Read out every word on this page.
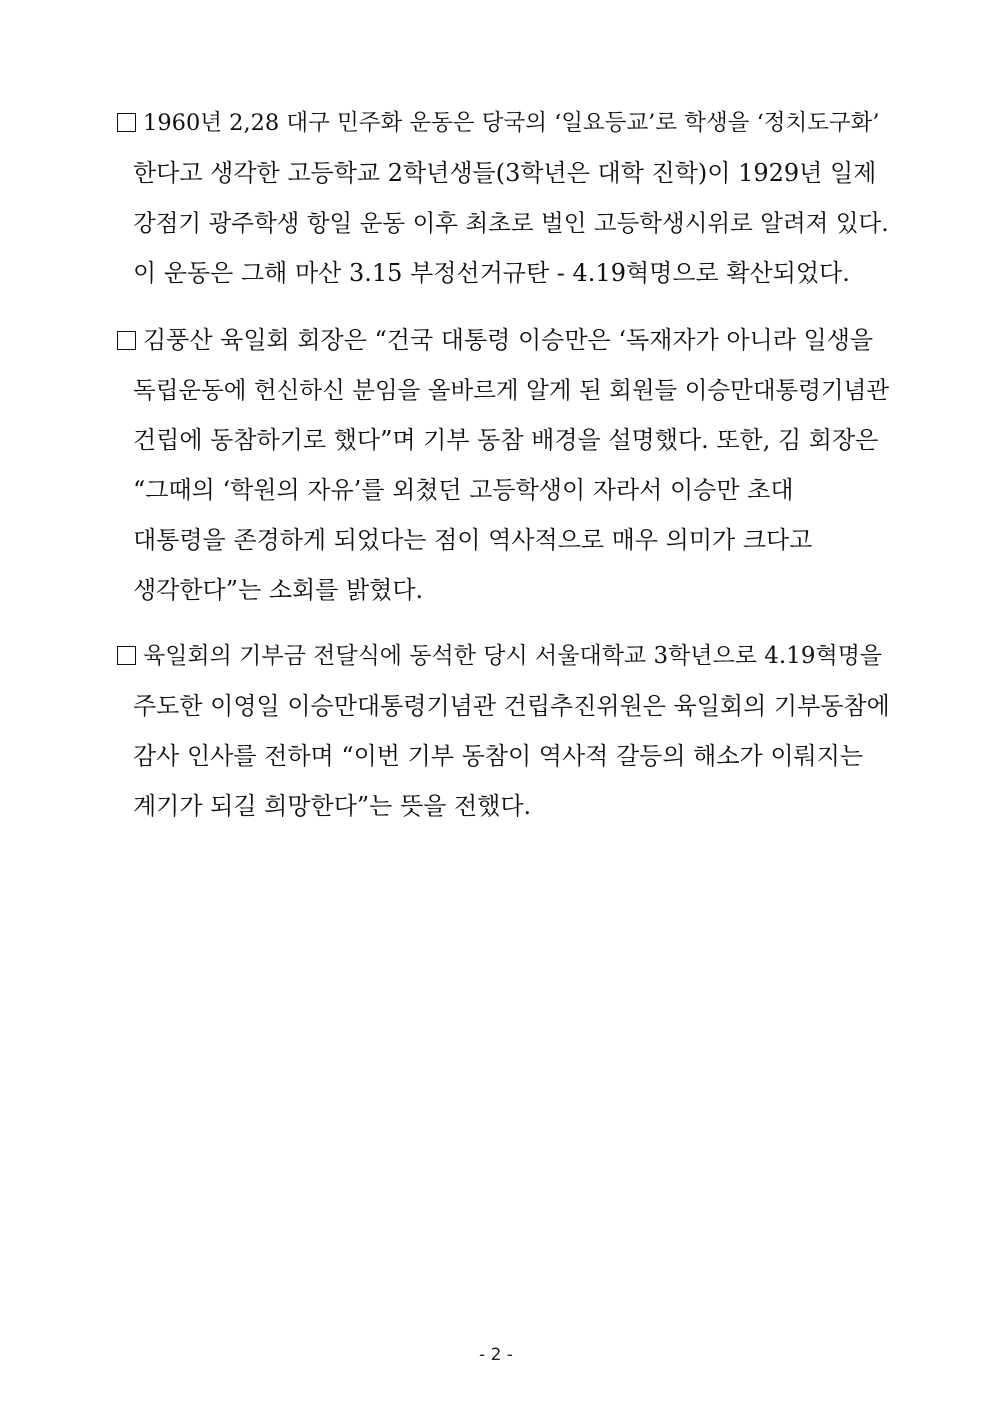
1960년 2,28 대구 민주화 운동은 당국의 ‘일요등교’로 학생을 ‘정치도구화’
한다고 생각한 고등학교 2학년생들(3학년은 대학 진학)이 1929년 일제
강점기 광주학생 항일 운동 이후 최초로 벌인 고등학생시위로 알려져 있다.
이 운동은 그해 마산 3.15 부정선거규탄 - 4.19혁명으로 확산되었다.
김풍산 육일회 회장은 “건국 대통령 이승만은 ‘독재자가 아니라 일생을
독립운동에 헌신하신 분임을 올바르게 알게 된 회원들 이승만대통령기념관
건립에 동참하기로 했다”며 기부 동참 배경을 설명했다. 또한, 김 회장은
“그때의 ‘학원의 자유’를 외쳤던 고등학생이 자라서 이승만 초대
대통령을 존경하게 되었다는 점이 역사적으로 매우 의미가 크다고
생각한다”는 소회를 밝혔다.
육일회의 기부금 전달식에 동석한 당시 서울대학교 3학년으로 4.19혁명을
주도한 이영일 이승만대통령기념관 건립추진위원은 육일회의 기부동참에
감사 인사를 전하며 “이번 기부 동참이 역사적 갈등의 해소가 이뤄지는
계기가 되길 희망한다”는 뜻을 전했다.
- 2 -
